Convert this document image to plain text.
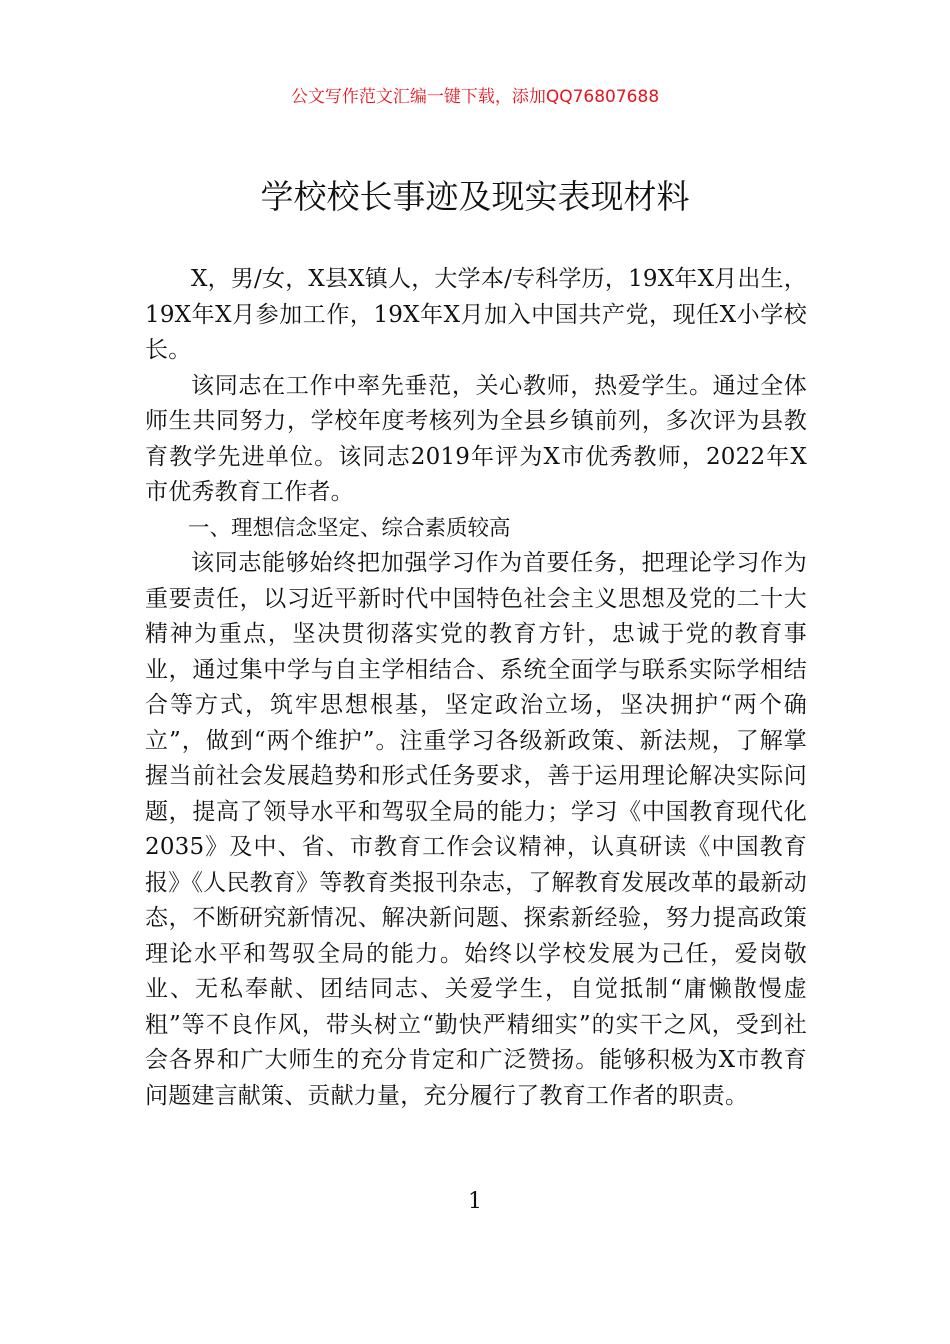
公文写作范文汇编一键下载，添加QQ76807688
学校校长事迹及现实表现材料

X，男/女，X县X镇人，大学本/专科学历，19X年X月出生，19X年X月参加工作，19X年X月加入中国共产党，现任X小学校长。

该同志在工作中率先垂范，关心教师，热爱学生。通过全体师生共同努力，学校年度考核列为全县乡镇前列，多次评为县教育教学先进单位。该同志2019年评为X市优秀教师，2022年X市优秀教育工作者。

一、理想信念坚定、综合素质较高

该同志能够始终把加强学习作为首要任务，把理论学习作为重要责任，以习近平新时代中国特色社会主义思想及党的二十大精神为重点，坚决贯彻落实党的教育方针，忠诚于党的教育事业，通过集中学与自主学相结合、系统全面学与联系实际学相结合等方式，筑牢思想根基，坚定政治立场，坚决拥护“两个确立”，做到“两个维护”。注重学习各级新政策、新法规，了解掌握当前社会发展趋势和形式任务要求，善于运用理论解决实际问题，提高了领导水平和驾驭全局的能力；学习《中国教育现代化2035》及中、省、市教育工作会议精神，认真研读《中国教育报》《人民教育》等教育类报刊杂志，了解教育发展改革的最新动态，不断研究新情况、解决新问题、探索新经验，努力提高政策理论水平和驾驭全局的能力。始终以学校发展为己任，爱岗敬业、无私奉献、团结同志、关爱学生，自觉抵制“庸懒散慢虚粗”等不良作风，带头树立“勤快严精细实”的实干之风，受到社会各界和广大师生的充分肯定和广泛赞扬。能够积极为X市教育问题建言献策、贡献力量，充分履行了教育工作者的职责。

1
